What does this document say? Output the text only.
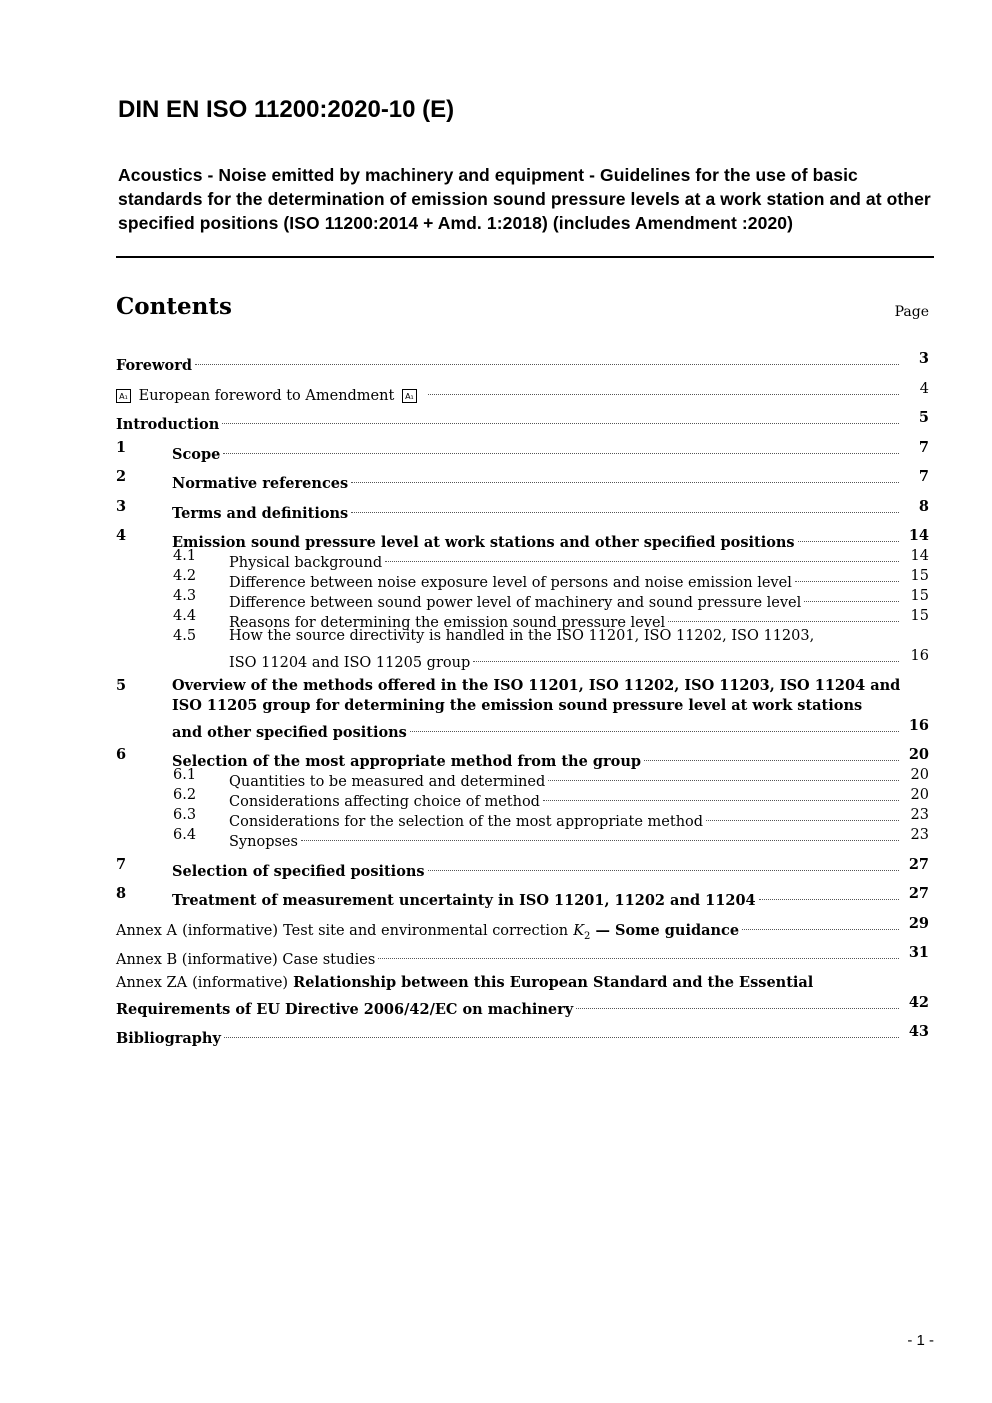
DIN EN ISO 11200:2020-10 (E)

Acoustics - Noise emitted by machinery and equipment - Guidelines for the use of basic standards for the determination of emission sound pressure levels at a work station and at other specified positions (ISO 11200:2014 + Amd. 1:2018) (includes Amendment :2020)

Contents	Page
Foreword	3
A₁ European foreword to Amendment A₁	4
Introduction	5
1	Scope	7
2	Normative references	7
3	Terms and definitions	8
4	Emission sound pressure level at work stations and other specified positions	14
4.1 Physical background	14
4.2 Difference between noise exposure level of persons and noise emission level	15
4.3 Difference between sound power level of machinery and sound pressure level	15
4.4 Reasons for determining the emission sound pressure level	15
4.5 How the source directivity is handled in the ISO 11201, ISO 11202, ISO 11203,
ISO 11204 and ISO 11205 group	16
5	Overview of the methods offered in the ISO 11201, ISO 11202, ISO 11203, ISO 11204 and
ISO 11205 group for determining the emission sound pressure level at work stations
and other specified positions	16
6	Selection of the most appropriate method from the group	20
6.1 Quantities to be measured and determined	20
6.2 Considerations affecting choice of method	20
6.3 Considerations for the selection of the most appropriate method	23
6.4 Synopses	23
7	Selection of specified positions	27
8	Treatment of measurement uncertainty in ISO 11201, 11202 and 11204	27
Annex A (informative) Test site and environmental correction $K_2$ — Some guidance	29
Annex B (informative) Case studies	31
Annex ZA (informative) Relationship between this European Standard and the Essential
Requirements of EU Directive 2006/42/EC on machinery	42
Bibliography	43
- 1 -
